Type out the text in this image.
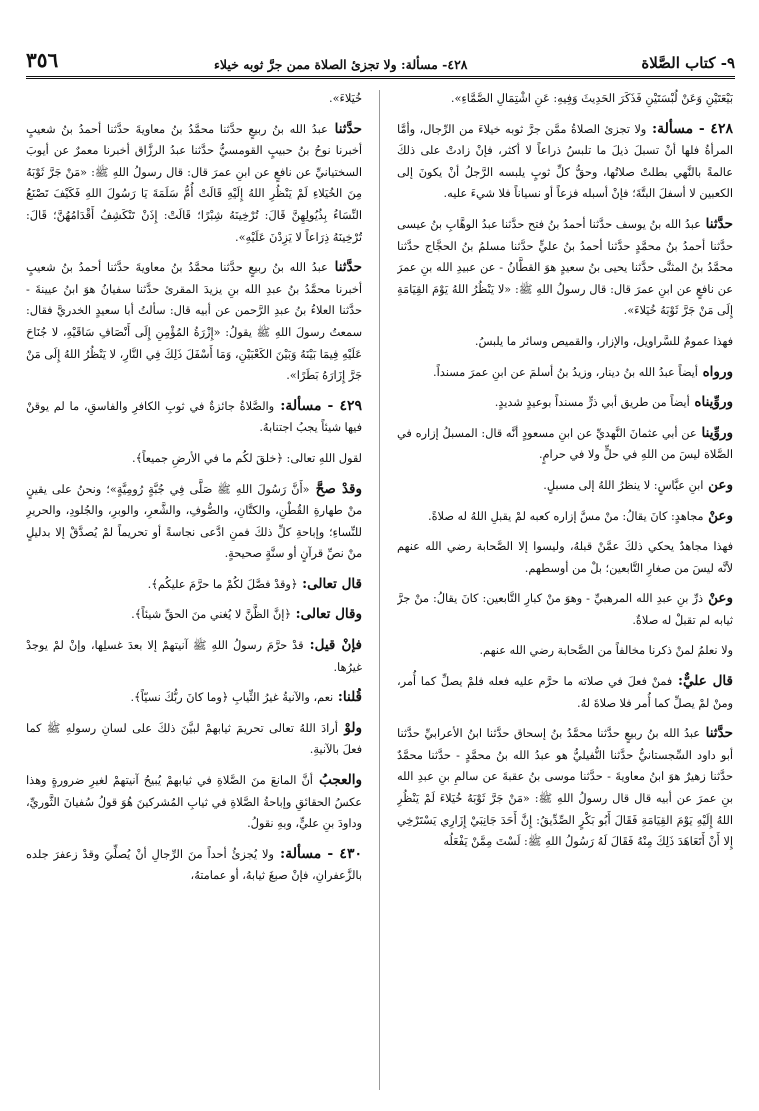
٩- كتاب الصَّلاة
٤٢٨- مسألة: ولا تجزئ الصلاة ممن جرَّ ثوبه خيلاء
٣٥٦

بَيْعَتَيْنِ وَعَنْ لُبْسَتَيْنِ فَذَكَرَ الحَدِيثَ وَفِيهِ: عَنِ اشْتِمَالِ الصَّمَّاءِ».

٤٢٨ - مسألة: ولا تجزئ الصلاةُ ممَّن جرَّ ثوبه خيلاءَ من الرِّجال، وأمَّا المرأةُ فلها أنْ تسبلَ ذيلَ ما تلبسُ ذراعاً لا أكثر، فإنْ زادتْ على ذلكَ عالمةً بالنَّهي بطلتْ صلاتُها، وحقُّ كلِّ ثوبٍ يلبسه الرَّجلُ أنْ يكونَ إلى الكعبين لا أسفلَ البتَّةَ؛ فإنْ أسبله فزعاً أو نسياناً فلا شيءَ عليه.

حدَّثنا عبدُ الله بنُ يوسف حدَّثنا أحمدُ بنُ فتح حدَّثنا عبدُ الوهَّابِ بنُ عيسى حدَّثنا أحمدُ بنُ محمَّدٍ حدَّثنا أحمدُ بنُ عليٍّ حدَّثنا مسلمُ بنُ الحجَّاج حدَّثنا محمَّدُ بنُ المثنَّى حدَّثنا يحيى بنُ سعيدٍ هوَ القطَّانُ - عن عبيدِ الله بنِ عمرَ عن نافعٍ عن ابنِ عمرَ قال: قال رسولُ اللهِ ﷺ: «لا يَنْظُرُ اللهُ يَوْمَ القِيَامَةِ إِلَى مَنْ جَرَّ ثَوْبَهُ خُيَلاءَ».

فهذا عمومٌ للسَّراويل، والإزار، والقميص وسائر ما يلبسُ.

ورواه أيضاً عبدُ الله بنُ دينار، وزيدُ بنُ أسلمَ عن ابنِ عمرَ مسنداً.

وروِّيناه أيضاً من طريق أبي ذرٍّ مسنداً بوعيدٍ شديدٍ.

وروِّينا عن أبي عثمانَ النَّهديِّ عن ابنِ مسعودٍ أنَّه قال: المسبلُ إزاره في الصَّلاة ليسَ من اللهِ في حلٍّ ولا في حرامٍ.

وعن ابنِ عبَّاسٍ: لا ينظرُ اللهُ إلى مسبلٍ.

وعنْ مجاهدٍ: كانَ يقالُ: منْ مسَّ إزاره كعبه لمْ يقبلِ اللهُ له صلاةً.

فهذا مجاهدٌ يحكي ذلكَ عمَّنْ قبلهُ، وليسوا إلا الصَّحابة رضي الله عنهم لأنَّه ليسَ من صغارِ التَّابعين؛ بلْ من أوسطهم.

وعنْ ذرِّ بنِ عبدِ الله المرهبيِّ - وهوَ منْ كبارِ التَّابعين: كانَ يقالُ: منْ جرَّ ثيابه لم تقبلْ له صلاةٌ.

ولا نعلمُ لمنْ ذكرنا مخالفاً من الصَّحابة رضي الله عنهم.

قال عليٌّ: فمنْ فعلَ في صلاته ما حرَّم عليه فعله فلمْ يصلِّ كما أُمر، ومنْ لمْ يصلِّ كما أُمر فلا صلاةَ لهُ.

حدَّثنا عبدُ الله بنُ ربيعٍ حدَّثنا محمَّدُ بنُ إسحاق حدَّثنا ابنُ الأعرابيِّ حدَّثنا أبو داود السِّجستانيُّ حدَّثنا النُّفيليُّ هو عبدُ الله بنُ محمَّدٍ - حدَّثنا محمَّدٌ حدَّثنا زهيرٌ هوَ ابنُ معاويةَ - حدَّثنا موسى بنُ عقبةَ عن سالمِ بنِ عبدِ الله بنِ عمرَ عن أبيه قال قال رسولُ اللهِ ﷺ: «مَنْ جَرَّ ثَوْبَهُ خُيَلاءَ لَمْ يَنْظُرِ اللهُ إِلَيْهِ يَوْمَ القِيَامَةِ فَقَالَ أَبُو بَكْرٍ الصِّدِّيقُ: إِنَّ أَحَدَ جَانِبَيْ إِزَارِي يَسْتَرْخِي إِلا أَنْ أَتَعَاهَدَ ذَلِكَ مِنْهُ فَقَالَ لَهُ رَسُولُ اللهِ ﷺ: لَسْتَ مِمَّنْ يَفْعَلُه

خُيَلاءَ».

حدَّثنا عبدُ الله بنُ ربيعٍ حدَّثنا محمَّدُ بنُ معاويةَ حدَّثنا أحمدُ بنُ شعيبٍ أخبرنا نوحُ بنُ حبيبٍ القومسيُّ حدَّثنا عبدُ الرزَّاق أخبرنا معمرٌ عن أيوبَ السختيانيِّ عن نافعٍ عن ابنِ عمرَ قال: قال رسولُ اللهِ ﷺ: «مَنْ جَرَّ ثَوْبَهُ مِنَ الخُيَلاءِ لَمْ يَنْظُرِ اللهُ إِلَيْهِ قَالَتْ أُمُّ سَلَمَةَ يَا رَسُولَ اللهِ فَكَيْفَ تَصْنَعُ النِّسَاءُ بِذُيُولِهِنَّ قَالَ: تُرْخِينَهُ شِبْرًا؛ قَالَتْ: إِذَنْ تَنْكَشِفُ أَقْدَامُهُنَّ؛ قَالَ: تُرْخِينَهُ ذِرَاعاً لا يَزِدْنَ عَلَيْهِ».

حدَّثنا عبدُ الله بنُ ربيعٍ حدَّثنا محمَّدُ بنُ معاويةَ حدَّثنا أحمدُ بنُ شعيبٍ أخبرنا محمَّدُ بنُ عبدِ الله بنِ يزيدَ المقرئ حدَّثنا سفيانُ هوَ ابنُ عيينةَ - حدَّثنا العلاءُ بنُ عبدِ الرَّحمن عن أبيه قال: سألتُ أبا سعيدٍ الخدريَّ فقال: سمعتُ رسولَ اللهِ ﷺ يقولُ: «إِزْرَةُ المُؤْمِنِ إِلَى أَنْصَافِ سَاقَيْهِ، لا جُنَاحَ عَلَيْهِ فِيمَا بَيْنَهُ وَبَيْنَ الكَعْبَيْنِ، وَمَا أَسْفَلَ ذَلِكَ فِي النَّارِ، لا يَنْظُرُ اللهُ إِلَى مَنْ جَرَّ إِزَارَهُ بَطَرًا».

٤٢٩ - مسألة: والصَّلاةُ جائزةٌ في ثوبِ الكافرِ والفاسقِ، ما لم يوقنْ فيها شيئاً يجبُ اجتنابهُ.

لقول اللهِ تعالى: ﴿خلقَ لكُم ما في الأرضِ جميعاً﴾.

وقدْ صحَّ «أَنَّ رَسُولَ اللهِ ﷺ صَلَّى فِي جُبَّةٍ رُومِيَّةٍ»؛ ونحنُ على يقينٍ منْ طهارةِ القُطْنِ، والكتَّانِ، والصُّوفِ، والشَّعرِ، والوبرِ، والجُلودِ، والحريرِ للنِّساءِ؛ وإباحةِ كلِّ ذلكَ فمنِ ادَّعى نجاسةً أو تحريماً لمْ يُصدَّقْ إلا بدليلٍ منْ نصِّ قرآنٍ أو سنَّةٍ صحيحةٍ.

قال تعالى: ﴿وقدْ فصَّلَ لكُمْ ما حرَّمَ عليكُم﴾.

وقال تعالى: ﴿إنَّ الظَّنَّ لا يُغني منَ الحقِّ شيئاً﴾.

فإنْ قيل: قدْ حرَّمَ رسولُ اللهِ ﷺ آنيتهمْ إلا بعدَ غسلِها، وإنْ لمْ يوجدْ غيرُها.

قُلنا: نعم، والآنيةُ غيرُ الثِّيابِ ﴿وما كانَ ربُّكَ نسيّاً﴾.

ولوْ أرادَ اللهُ تعالى تحريمَ ثيابهمْ لبيَّنَ ذلكَ على لسانِ رسولهِ ﷺ كما فعلَ بالآنيةِ.

والعجبُ أنَّ المانعَ منَ الصَّلاةِ في ثيابهمْ يُبيحُ آنيتهمْ لغيرِ ضرورةٍ وهذا عكسُ الحقائقِ وإباحةُ الصَّلاةِ في ثيابِ المُشركينَ هُوَ قولُ سُفيانَ الثَّوريِّ، وداودَ بنِ عليٍّ، وبهِ نقولُ.

٤٣٠ - مسألة: ولا يُجزئُ أحداً منَ الرِّجالِ أنْ يُصلِّيَ وقدْ زعفرَ جلده بالزَّعفرانِ، فإنْ صبغَ ثيابهُ، أو عمامتهُ،
